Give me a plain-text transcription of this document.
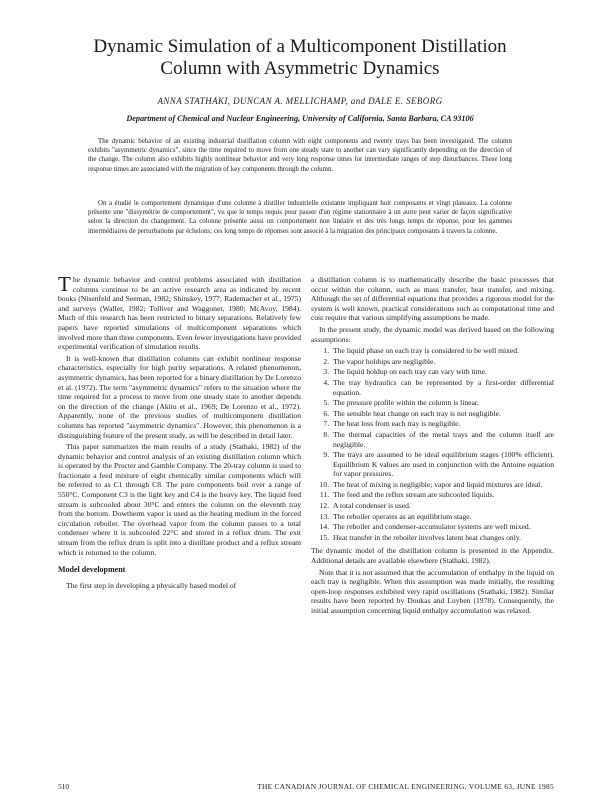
Dynamic Simulation of a Multicomponent Distillation
Column with Asymmetric Dynamics
ANNA STATHAKI, DUNCAN A. MELLICHAMP, and DALE E. SEBORG
Department of Chemical and Nuclear Engineering, University of California, Santa Barbara, CA 93106

The dynamic behavior of an existing industrial distillation column with eight components and twenty trays has been investigated. The column exhibits "asymmetric dynamics", since the time required to move from one steady state to another can vary significantly depending on the direction of the change. The column also exhibits highly nonlinear behavior and very long response times for intermediate ranges of step disturbances. These long response times are associated with the migration of key components through the column.

On a étudié le comportement dynamique d'une colonne à distiller industrielle existante impliquant huit composants et vingt plateaux. La colonne présente une "dissymétrie de comportement", vu que le temps requis pour passer d'un régime stationnaire à un autre peut varier de façon significative selon la direction du changement. La colonne présente aussi un comportement non linéaire et des très longs temps de réponse, pour les gammes intermédiaires de perturbations par échelons; ces long temps de réponses sont associé à la migration des principaux composants à travers la colonne.

The dynamic behavior and control problems associated with distillation columns continue to be an active research area as indicated by recent books (Nisenfeld and Seeman, 1982; Shinskey, 1977; Rademacher et al., 1975) and surveys (Waller, 1982; Tolliver and Waggoner, 1980; McAvoy, 1984). Much of this research has been restricted to binary separations. Relatively few papers have reported simulations of multicomponent separations which involved more than three components. Even fewer investigations have provided experimental verification of simulation results.

It is well-known that distillation columns can exhibit nonlinear response characteristics, especially for high purity separations. A related phenomenon, asymmetric dynamics, has been reported for a binary distillation by De Lorenzo et al. (1972). The term "asymmetric dynamics" refers to the situation where the time required for a process to move from one steady state to another depends on the direction of the change (Akitu et al., 1969; De Lorenzo et al., 1972). Apparently, none of the previous studies of multicomponent distillation columns has reported "asymmetric dynamics". However, this phenomenon is a distinguishing feature of the present study, as will be described in detail later.

This paper summarizes the main results of a study (Stathaki, 1982) of the dynamic behavior and control analysis of an existing distillation column which is operated by the Procter and Gamble Company. The 20-tray column is used to fractionate a feed mixture of eight chemically similar components which will be referred to as C1 through C8. The pure components boil over a range of 550°C. Component C3 is the light key and C4 is the heavy key. The liquid feed stream is subcooled about 30°C and enters the column on the eleventh tray from the bottom. Dowtherm vapor is used as the heating medium in the forced circulation reboiler. The overhead vapor from the column passes to a total condenser where it is subcooled 22°C and stored in a reflux drum. The exit stream from the reflux drum is split into a distillate product and a reflux stream which is returned to the column.

Model development

The first step in developing a physically based model of

a distillation column is to mathematically describe the basic processes that occur within the column, such as mass transfer, heat transfer, and mixing. Although the set of differential equations that provides a rigorous model for the system is well known, practical considerations such as computational time and cost require that various simplifying assumptions be made.

In the present study, the dynamic model was derived based on the following assumptions:

1. The liquid phase on each tray is considered to be well mixed.
2. The vapor holdups are negligible.
3. The liquid holdup on each tray can vary with time.
4. The tray hydraulics can be represented by a first-order differential equation.
5. The pressure profile within the column is linear.
6. The sensible heat change on each tray is not negligible.
7. The heat loss from each tray is negligible.
8. The thermal capacities of the metal trays and the column itself are negligible.
9. The trays are assumed to be ideal equilibrium stages (100% efficient). Equilibrium K values are used in conjunction with the Antoine equation for vapor pressures.
10. The heat of mixing is negligible; vapor and liquid mixtures are ideal.
11. The feed and the reflux stream are subcooled liquids.
12. A total condenser is used.
13. The reboiler operates as an equilibrium stage.
14. The reboiler and condenser-accumulator systems are well mixed.
15. Heat transfer in the reboiler involves latent heat changes only.

The dynamic model of the distillation column is presented in the Appendix. Additional details are available elsewhere (Stathaki, 1982).

Note that it is not assumed that the accumulation of enthalpy in the liquid on each tray is negligible. When this assumption was made initially, the resulting open-loop responses exhibited very rapid oscillations (Stathaki, 1982). Similar results have been reported by Doukas and Luyben (1978). Consequently, the initial assumption concerning liquid enthalpy accumulation was relaxed.

510	THE CANADIAN JOURNAL OF CHEMICAL ENGINEERING, VOLUME 63, JUNE 1985
